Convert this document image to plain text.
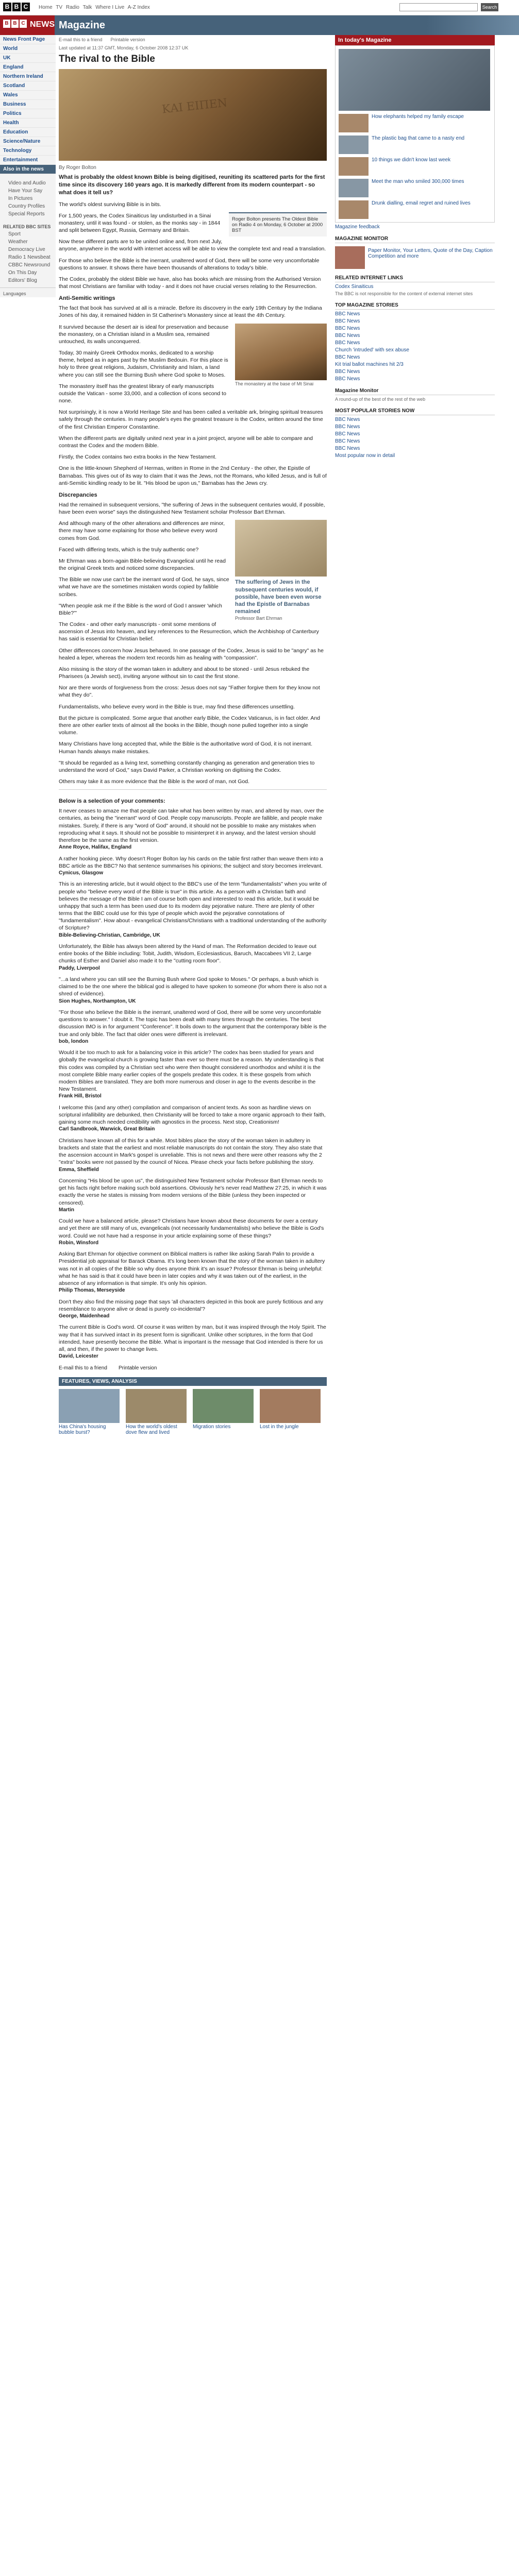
B B C	Home TV Radio Talk Where I Live A-Z Index	Search
B B C NEWS Magazine
News Front Page
World
UK
England
Northern Ireland
Scotland
Wales
Business
Politics
Health
Education
Science/Nature
Technology
Entertainment
Also in the news
Video and Audio
Have Your Say
In Pictures
Country Profiles
Special Reports
RELATED BBC SITES
Sport
Weather
Democracy Live
Radio 1 Newsbeat
CBBC Newsround
On This Day
Editors' Blog
Languages
E-mail this to a friend Printable version
Last updated at 11:37 GMT, Monday, 6 October 2008 12:37 UK
The rival to the Bible
ΚΑΙ ΕΙΠΕΝ
By Roger Bolton

What is probably the oldest known Bible is being digitised, reuniting its scattered parts for the first time since its discovery 160 years ago. It is markedly different from its modern counterpart - so what does it tell us?

The world's oldest surviving Bible is in bits.

Roger Bolton presents The Oldest Bible on Radio 4 on Monday, 6 October at 2000 BST

For 1,500 years, the Codex Sinaiticus lay undisturbed in a Sinai monastery, until it was found - or stolen, as the monks say - in 1844 and split between Egypt, Russia, Germany and Britain.

Now these different parts are to be united online and, from next July, anyone, anywhere in the world with internet access will be able to view the complete text and read a translation.

For those who believe the Bible is the inerrant, unaltered word of God, there will be some very uncomfortable questions to answer. It shows there have been thousands of alterations to today's bible.

The Codex, probably the oldest Bible we have, also has books which are missing from the Authorised Version that most Christians are familiar with today - and it does not have crucial verses relating to the Resurrection.

Anti-Semitic writings

The fact that book has survived at all is a miracle. Before its discovery in the early 19th Century by the Indiana Jones of his day, it remained hidden in St Catherine's Monastery since at least the 4th Century.

The monastery at the base of Mt Sinai

It survived because the desert air is ideal for preservation and because the monastery, on a Christian island in a Muslim sea, remained untouched, its walls unconquered.

Today, 30 mainly Greek Orthodox monks, dedicated to a worship theme, helped as in ages past by the Muslim Bedouin. For this place is holy to three great religions, Judaism, Christianity and Islam, a land where you can still see the Burning Bush where God spoke to Moses.

The monastery itself has the greatest library of early manuscripts outside the Vatican - some 33,000, and a collection of icons second to none.

Not surprisingly, it is now a World Heritage Site and has been called a veritable ark, bringing spiritual treasures safely through the centuries. In many people's eyes the greatest treasure is the Codex, written around the time of the first Christian Emperor Constantine.

When the different parts are digitally united next year in a joint project, anyone will be able to compare and contrast the Codex and the modern Bible.

Firstly, the Codex contains two extra books in the New Testament.

One is the little-known Shepherd of Hermas, written in Rome in the 2nd Century - the other, the Epistle of Barnabas. This gives out of its way to claim that it was the Jews, not the Romans, who killed Jesus, and is full of anti-Semitic kindling ready to be lit. "His blood be upon us," Barnabas has the Jews cry.

Discrepancies

Had the remained in subsequent versions, "the suffering of Jews in the subsequent centuries would, if possible, have been even worse" says the distinguished New Testament scholar Professor Bart Ehrman.

The suffering of Jews in the subsequent centuries would, if possible, have been even worse had the Epistle of Barnabas remained
Professor Bart Ehrman

And although many of the other alterations and differences are minor, there may have some explaining for those who believe every word comes from God.

Faced with differing texts, which is the truly authentic one?

Mr Ehrman was a born-again Bible-believing Evangelical until he read the original Greek texts and noticed some discrepancies.

The Bible we now use can't be the inerrant word of God, he says, since what we have are the sometimes mistaken words copied by fallible scribes.

"When people ask me if the Bible is the word of God I answer 'which Bible?'"

The Codex - and other early manuscripts - omit some mentions of ascension of Jesus into heaven, and key references to the Resurrection, which the Archbishop of Canterbury has said is essential for Christian belief.

Other differences concern how Jesus behaved. In one passage of the Codex, Jesus is said to be "angry" as he healed a leper, whereas the modern text records him as healing with "compassion".

Also missing is the story of the woman taken in adultery and about to be stoned - until Jesus rebuked the Pharisees (a Jewish sect), inviting anyone without sin to cast the first stone.

Nor are there words of forgiveness from the cross: Jesus does not say "Father forgive them for they know not what they do".

Fundamentalists, who believe every word in the Bible is true, may find these differences unsettling.

But the picture is complicated. Some argue that another early Bible, the Codex Vaticanus, is in fact older. And there are other earlier texts of almost all the books in the Bible, though none pulled together into a single volume.

Many Christians have long accepted that, while the Bible is the authoritative word of God, it is not inerrant. Human hands always make mistakes.

"It should be regarded as a living text, something constantly changing as generation and generation tries to understand the word of God," says David Parker, a Christian working on digitising the Codex.

Others may take it as more evidence that the Bible is the word of man, not God.

Below is a selection of your comments:
It never ceases to amaze me that people can take what has been written by man, and altered by man, over the centuries, as being the "inerrant" word of God. People copy manuscripts. People are fallible, and people make mistakes. Surely, if there is any "word of God" around, it should not be possible to make any mistakes when reproducing what it says. It should not be possible to misinterpret it in anyway, and the latest version should therefore be the same as the first version.
Anne Royce, Halifax, England
A rather hooking piece. Why doesn't Roger Bolton lay his cards on the table first rather than weave them into a BBC article as the BBC? No that sentence summarises his opinions; the subject and story becomes irrelevant.
Cynicus, Glasgow
This is an interesting article, but it would object to the BBC's use of the term "fundamentalists" when you write of people who "believe every word of the Bible is true" in this article. As a person with a Christian faith and believes the message of the Bible I am of course both open and interested to read this article, but it would be unhappy that such a term has been used due to its modern day pejorative nature. There are plenty of other terms that the BBC could use for this type of people which avoid the pejorative connotations of "fundamentalism". How about - evangelical Christians/Christians with a traditional understanding of the authority of Scripture?
Bible-Believing-Christian, Cambridge, UK
Unfortunately, the Bible has always been altered by the Hand of man. The Reformation decided to leave out entire books of the Bible including: Tobit, Judith, Wisdom, Ecclesiasticus, Baruch, Maccabees VII 2, Large chunks of Esther and Daniel also made it to the "cutting room floor".
Paddy, Liverpool
"...a land where you can still see the Burning Bush where God spoke to Moses." Or perhaps, a bush which is claimed to be the one where the biblical god is alleged to have spoken to someone (for whom there is also not a shred of evidence).
Sion Hughes, Northampton, UK
"For those who believe the Bible is the inerrant, unaltered word of God, there will be some very uncomfortable questions to answer." I doubt it. The topic has been dealt with many times through the centuries. The best discussion IMO is in for argument "Conference". It boils down to the argument that the contemporary bible is the true and only bible. The fact that older ones were different is irrelevant.
bob, london
Would it be too much to ask for a balancing voice in this article? The codex has been studied for years and globally the evangelical church is growing faster than ever so there must be a reason. My understanding is that this codex was compiled by a Christian sect who were then thought considered unorthodox and whilst it is the most complete Bible many earlier copies of the gospels predate this codex. It is these gospels from which modern Bibles are translated. They are both more numerous and closer in age to the events describe in the New Testament.
Frank Hill, Bristol
I welcome this (and any other) compilation and comparison of ancient texts. As soon as hardline views on scriptural infallibility are debunked, then Christianity will be forced to take a more organic approach to their faith, gaining some much needed credibility with agnostics in the process. Next stop, Creationism!
Carl Sandbrook, Warwick, Great Britain
Christians have known all of this for a while. Most bibles place the story of the woman taken in adultery in brackets and state that the earliest and most reliable manuscripts do not contain the story. They also state that the ascension account in Mark's gospel is unreliable. This is not news and there were other reasons why the 2 "extra" books were not passed by the council of Nicea. Please check your facts before publishing the story.
Emma, Sheffield
Concerning "His blood be upon us", the distinguished New Testament scholar Professor Bart Ehrman needs to get his facts right before making such bold assertions. Obviously he's never read Matthew 27:25, in which it was exactly the verse he states is missing from modern versions of the Bible (unless they been inspected or censored).
Martin
Could we have a balanced article, please? Christians have known about these documents for over a century and yet there are still many of us, evangelicals (not necessarily fundamentalists) who believe the Bible is God's word. Could we not have had a response in your article explaining some of these things?
Robin, Winsford
Asking Bart Ehrman for objective comment on Biblical matters is rather like asking Sarah Palin to provide a Presidential job appraisal for Barack Obama. It's long been known that the story of the woman taken in adultery was not in all copies of the Bible so why does anyone think it's an issue? Professor Ehrman is being unhelpful: what he has said is that it could have been in later copies and why it was taken out of the earliest, in the absence of any information is that simple. It's only his opinion.
Philip Thomas, Merseyside
Don't they also find the missing page that says 'all characters depicted in this book are purely fictitious and any resemblance to anyone alive or dead is purely co-incidental'?
George, Maidenhead
The current Bible is God's word. Of course it was written by man, but it was inspired through the Holy Spirit. The way that it has survived intact in its present form is significant. Unlike other scriptures, in the form that God intended, have presently become the Bible. What is important is the message that God intended is there for us all, and then, if the power to change lives.
David, Leicester
E-mail this to a friend Printable version
FEATURES, VIEWS, ANALYSIS
Has China's housing bubble burst?
How the world's oldest dove flew and lived
Migration stories	Lost in the jungle
In today's Magazine
How elephants helped my family escape
The plastic bag that came to a nasty end
10 things we didn't know last week
Meet the man who smiled 300,000 times
Drunk dialling, email regret and ruined lives
Magazine feedback
MAGAZINE MONITOR
Paper Monitor, Your Letters, Quote of the Day, Caption Competition and more
RELATED INTERNET LINKS
Codex Sinaiticus
The BBC is not responsible for the content of external internet sites
TOP MAGAZINE STORIES
BBC News
BBC News
BBC News
BBC News
BBC News
Church 'intruded' with sex abuse
BBC News
Kit trial ballot machines hit 2/3
BBC News
BBC News
Magazine Monitor
A round-up of the best of the rest of the web
MOST POPULAR STORIES NOW
BBC News
BBC News
BBC News
BBC News
BBC News
Most popular now in detail
